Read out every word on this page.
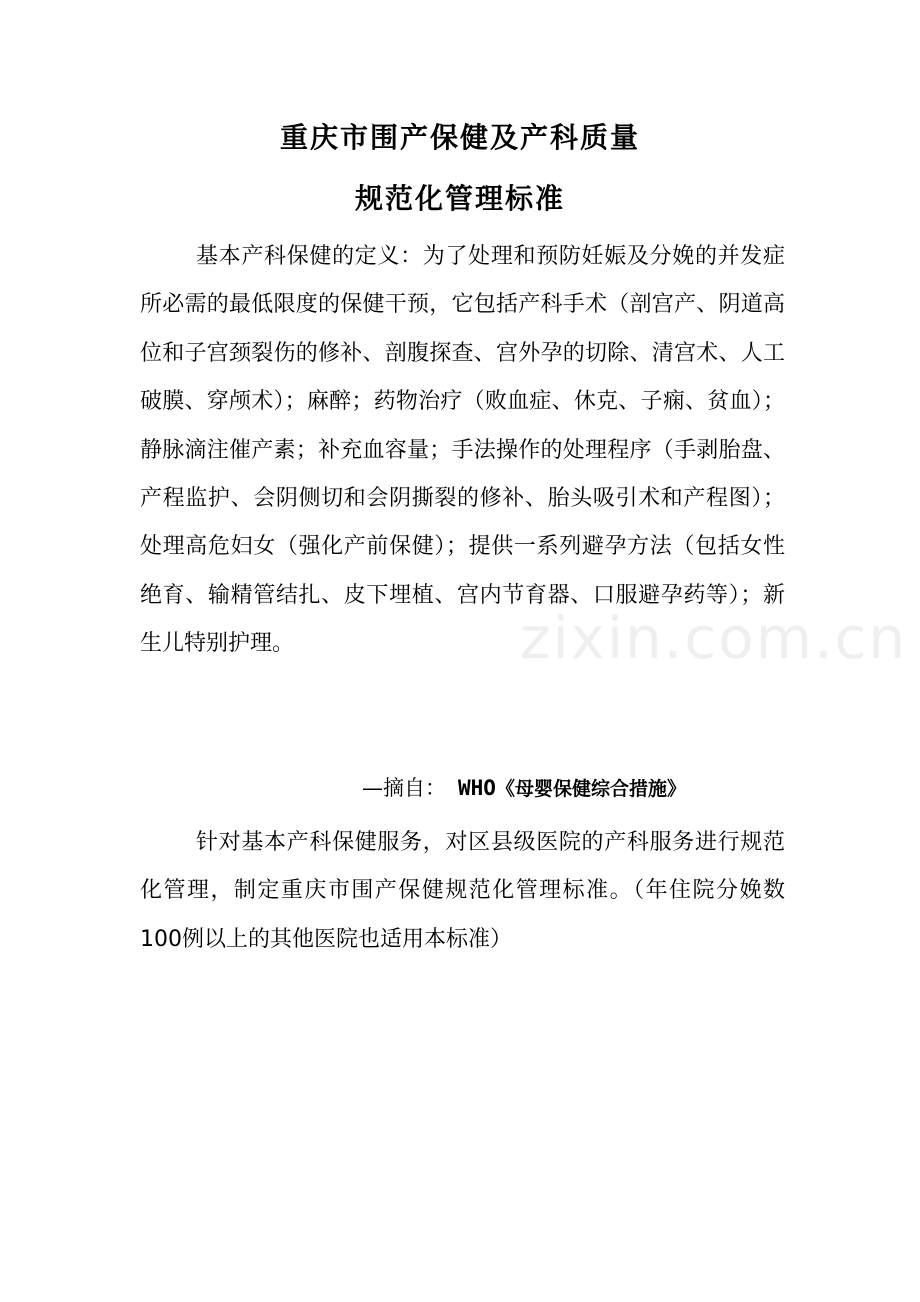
重庆市围产保健及产科质量
规范化管理标准

基本产科保健的定义：为了处理和预防妊娠及分娩的并发症所必需的最低限度的保健干预，它包括产科手术（剖宫产、阴道高位和子宫颈裂伤的修补、剖腹探查、宫外孕的切除、清宫术、人工破膜、穿颅术）；麻醉；药物治疗（败血症、休克、子痫、贫血）；静脉滴注催产素；补充血容量；手法操作的处理程序（手剥胎盘、产程监护、会阴侧切和会阴撕裂的修补、胎头吸引术和产程图）；处理高危妇女（强化产前保健）；提供一系列避孕方法（包括女性绝育、输精管结扎、皮下埋植、宫内节育器、口服避孕药等）；新生儿特别护理。

—摘自： WHO《母婴保健综合措施》

针对基本产科保健服务，对区县级医院的产科服务进行规范化管理，制定重庆市围产保健规范化管理标准。（年住院分娩数100例以上的其他医院也适用本标准）

zixin.com.cn
